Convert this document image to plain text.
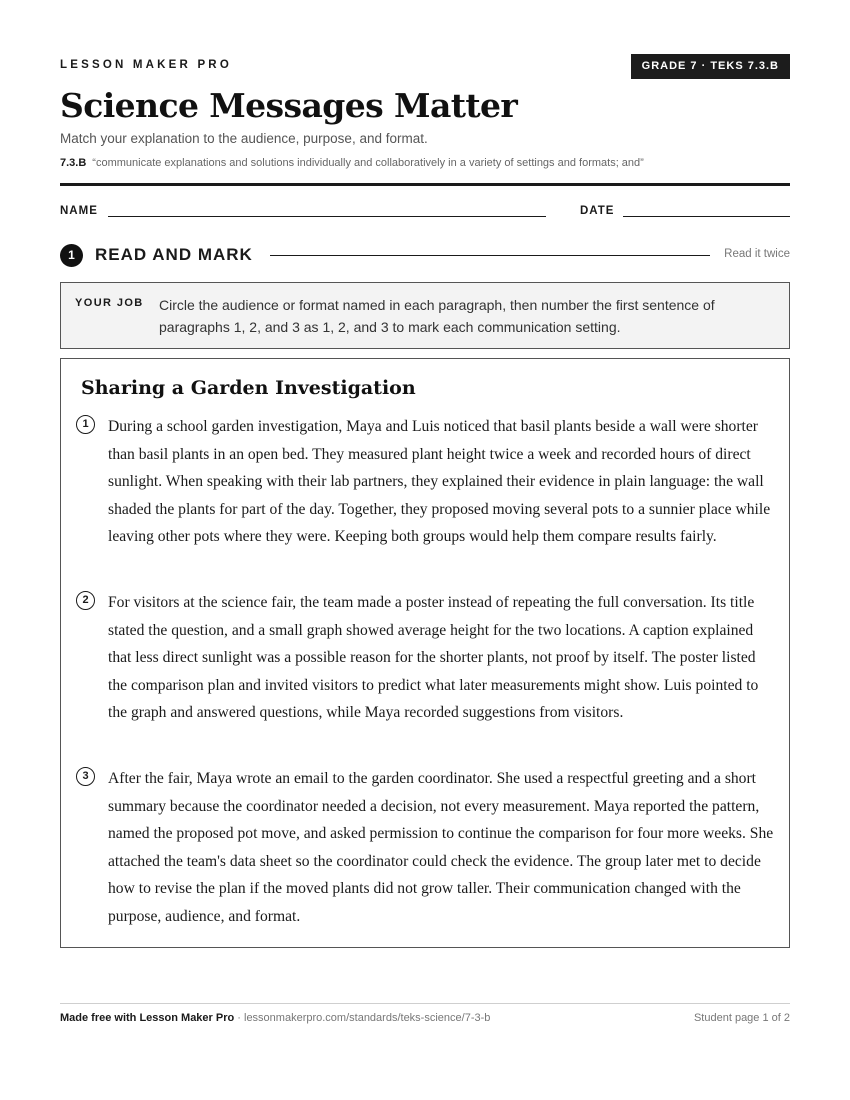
LESSON MAKER PRO	GRADE 7 · TEKS 7.3.B
Science Messages Matter
Match your explanation to the audience, purpose, and format.
7.3.B “communicate explanations and solutions individually and collaboratively in a variety of settings and formats; and”
NAME	DATE
1	READ AND MARK	Read it twice
YOUR JOB Circle the audience or format named in each paragraph, then number the first sentence of paragraphs 1, 2, and 3 as 1, 2, and 3 to mark each communication setting.
Sharing a Garden Investigation
1	During a school garden investigation, Maya and Luis noticed that basil plants beside a wall were shorter than basil plants in an open bed. They measured plant height twice a week and recorded hours of direct sunlight. When speaking with their lab partners, they explained their evidence in plain language: the wall shaded the plants for part of the day. Together, they proposed moving several pots to a sunnier place while leaving other pots where they were. Keeping both groups would help them compare results fairly.
2	For visitors at the science fair, the team made a poster instead of repeating the full conversation. Its title stated the question, and a small graph showed average height for the two locations. A caption explained that less direct sunlight was a possible reason for the shorter plants, not proof by itself. The poster listed the comparison plan and invited visitors to predict what later measurements might show. Luis pointed to the graph and answered questions, while Maya recorded suggestions from visitors.
3	After the fair, Maya wrote an email to the garden coordinator. She used a respectful greeting and a short summary because the coordinator needed a decision, not every measurement. Maya reported the pattern, named the proposed pot move, and asked permission to continue the comparison for four more weeks. She attached the team's data sheet so the coordinator could check the evidence. The group later met to decide how to revise the plan if the moved plants did not grow taller. Their communication changed with the purpose, audience, and format.
Made free with Lesson Maker Pro · lessonmakerpro.com/standards/teks-science/7-3-b	Student page 1 of 2
